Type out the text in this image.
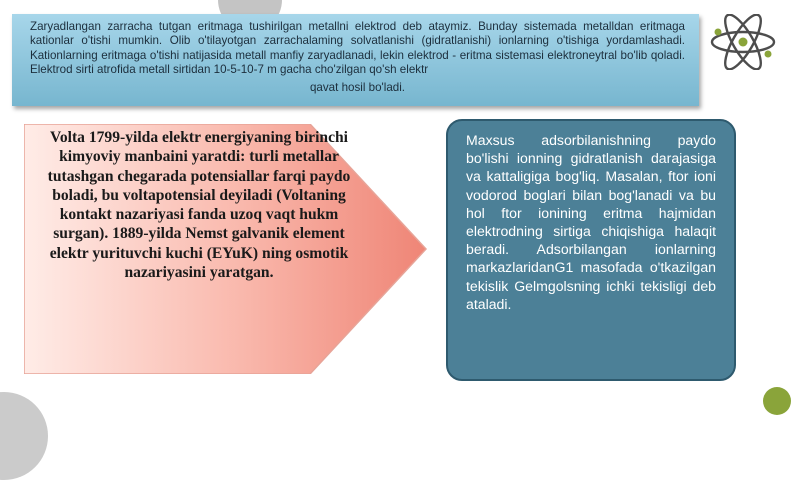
Zaryadlangan zarracha tutgan eritmaga tushirilgan metallni elektrod deb ataymiz. Bunday sistemada metalldan eritmaga kationlar o'tishi mumkin. Olib o'tilayotgan zarrachalaming solvatlanishi (gidratlanishi) ionlarning o'tishiga yordamlashadi. Kationlarning eritmaga o'tishi natijasida metall manfiy zaryadlanadi, lekin elektrod - eritma sistemasi elektroneytral bo'lib qoladi. Elektrod sirti atrofida metall sirtidan 10-5-10-7 m gacha cho'zilgan qo'sh elektr
qavat hosil bo'ladi.
Volta 1799-yilda elektr energiyaning birinchi kimyoviy manbaini yaratdi: turli metallar tutashgan chegarada potensiallar farqi paydo boladi, bu voltapotensial deyiladi (Voltaning kontakt nazariyasi fanda uzoq vaqt hukm surgan). 1889-yilda Nemst galvanik element elektr yurituvchi kuchi (EYuK) ning osmotik nazariyasini yaratgan.
Maxsus adsorbilanishning paydo bo'lishi ionning gidratlanish darajasiga va kattaligiga bog'liq. Masalan, ftor ioni vodorod boglari bilan bog'lanadi va bu hol ftor ionining eritma hajmidan elektrodning sirtiga chiqishiga halaqit beradi. Adsorbilangan ionlarning markazlaridanG1 masofada o'tkazilgan tekislik Gelmgolsning ichki tekisligi deb ataladi.
